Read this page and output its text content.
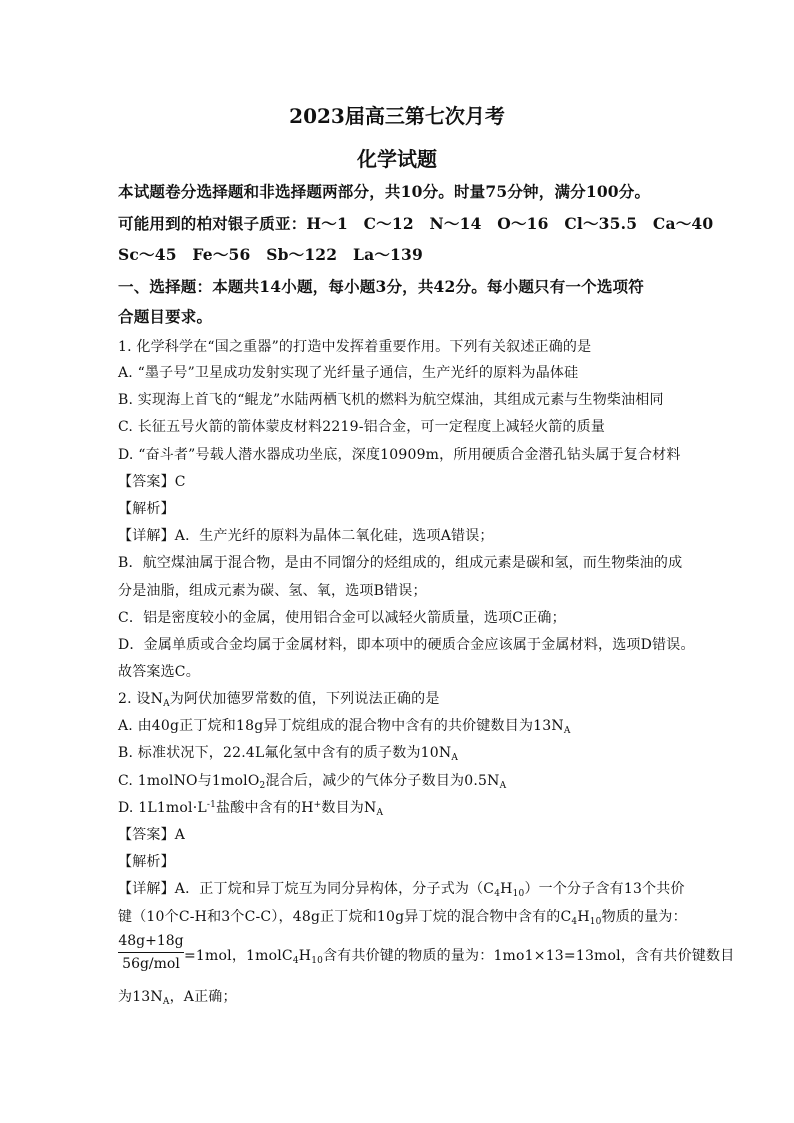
2023届高三第七次月考
化学试题
本试题卷分选择题和非选择题两部分，共10分。时量75分钟，满分100分。
可能用到的柏对银子质亚：H～1　C～12　N～14　O～16　Cl～35.5　Ca～40
Sc～45　Fe～56　Sb～122　La～139
一、选择题：本题共14小题，每小题3分，共42分。每小题只有一个选项符
合题目要求。
1. 化学科学在“国之重器”的打造中发挥着重要作用。下列有关叙述正确的是
A. “墨子号”卫星成功发射实现了光纤量子通信，生产光纤的原料为晶体硅
B. 实现海上首飞的“鲲龙”水陆两栖飞机的燃料为航空煤油，其组成元素与生物柴油相同
C. 长征五号火箭的箭体蒙皮材料2219-铝合金，可一定程度上减轻火箭的质量
D. “奋斗者”号载人潜水器成功坐底，深度10909m，所用硬质合金潜孔钻头属于复合材料
【答案】C
【解析】
【详解】A．生产光纤的原料为晶体二氧化硅，选项A错误；
B．航空煤油属于混合物，是由不同馏分的烃组成的，组成元素是碳和氢，而生物柴油的成
分是油脂，组成元素为碳、氢、氧，选项B错误；
C．铝是密度较小的金属，使用铝合金可以减轻火箭质量，选项C正确；
D．金属单质或合金均属于金属材料，即本项中的硬质合金应该属于金属材料，选项D错误。
故答案选C。
2. 设$N_A$为阿伏加德罗常数的值，下列说法正确的是
A. 由40g正丁烷和18g异丁烷组成的混合物中含有的共价键数目为$13N_A$
B. 标准状况下，22.4L氟化氢中含有的质子数为$10N_A$
C. 1molNO与1molO$_2$混合后，减少的气体分子数目为$0.5N_A$
D. $1L1mol\cdot L^{-1}$盐酸中含有的H+数目为$N_A$
【答案】A
【解析】
【详解】A．正丁烷和异丁烷互为同分异构体，分子式为$(C_4H_{10})$一个分子含有13个共价
键（10个C-H和3个C-C），48g正丁烷和10g异丁烷的混合物中含有的$C_4H_{10}$物质的量为：
48g+18g
56g/mol =1mol，$1molC_4H_{10}$含有共价键的物质的量为：1mo1×13=13mol，含有共价键数目
为$13N_A$，A正确；
